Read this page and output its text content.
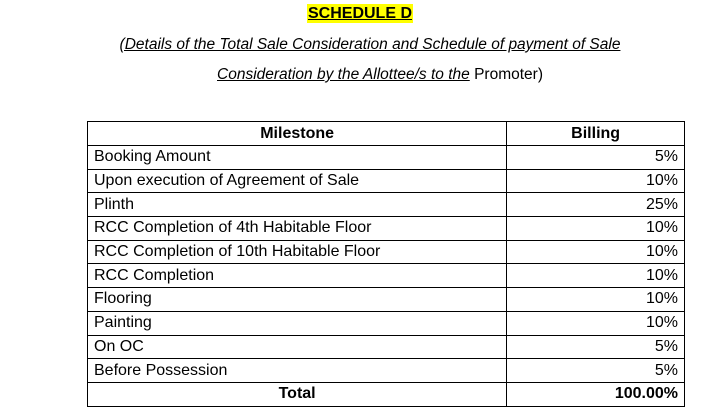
SCHEDULE D
(Details of the Total Sale Consideration and Schedule of payment of Sale
Consideration by the Allottee/s to the Promoter)
Milestone	Billing
Booking Amount	5%
Upon execution of Agreement of Sale	10%
Plinth	25%
RCC Completion of 4th Habitable Floor	10%
RCC Completion of 10th Habitable Floor	10%
RCC Completion	10%
Flooring	10%
Painting	10%
On OC	5%
Before Possession	5%
Total	100.00%
